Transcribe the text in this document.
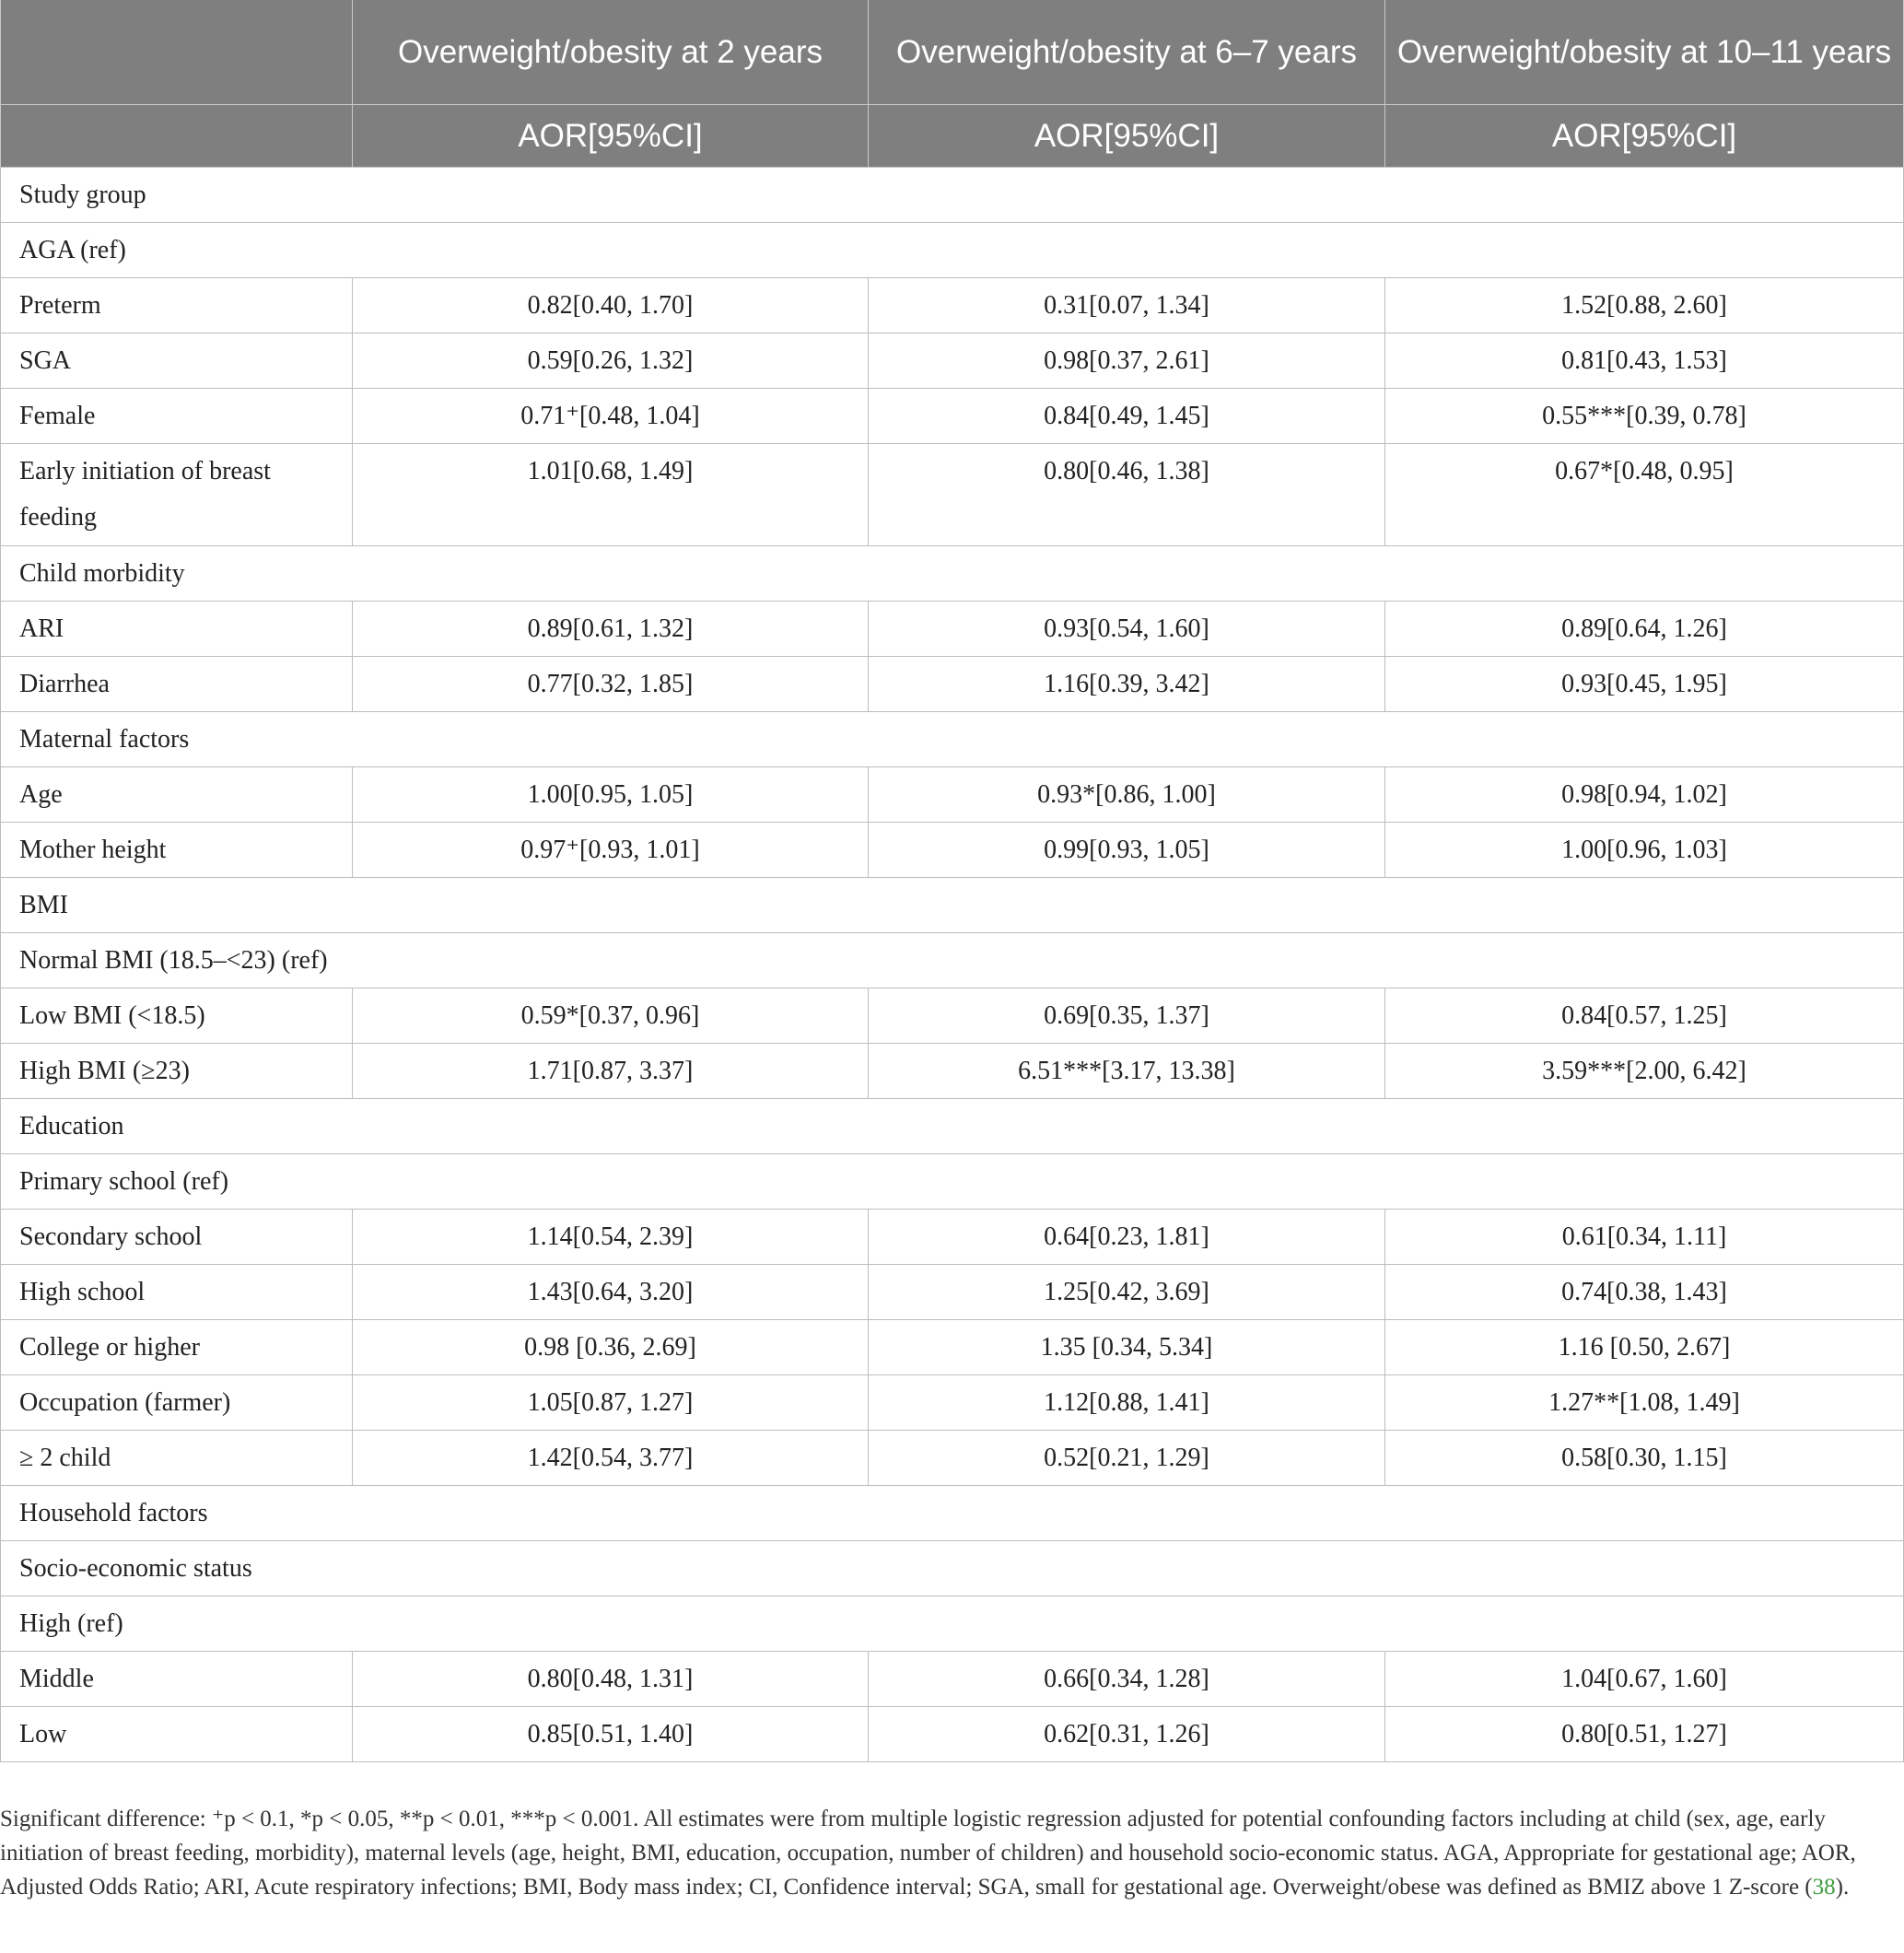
	Overweight/obesity at 2 years	Overweight/obesity at 6–7 years	Overweight/obesity at 10–11 years
	AOR[95%CI]	AOR[95%CI]	AOR[95%CI]
Study group			
AGA (ref)			
Preterm	0.82[0.40, 1.70]	0.31[0.07, 1.34]	1.52[0.88, 2.60]
SGA	0.59[0.26, 1.32]	0.98[0.37, 2.61]	0.81[0.43, 1.53]
Female	0.71⁺[0.48, 1.04]	0.84[0.49, 1.45]	0.55***[0.39, 0.78]
Early initiation of breast feeding	1.01[0.68, 1.49]	0.80[0.46, 1.38]	0.67*[0.48, 0.95]
Child morbidity			
ARI	0.89[0.61, 1.32]	0.93[0.54, 1.60]	0.89[0.64, 1.26]
Diarrhea	0.77[0.32, 1.85]	1.16[0.39, 3.42]	0.93[0.45, 1.95]
Maternal factors			
Age	1.00[0.95, 1.05]	0.93*[0.86, 1.00]	0.98[0.94, 1.02]
Mother height	0.97⁺[0.93, 1.01]	0.99[0.93, 1.05]	1.00[0.96, 1.03]
BMI			
Normal BMI (18.5–<23) (ref)			
Low BMI (<18.5)	0.59*[0.37, 0.96]	0.69[0.35, 1.37]	0.84[0.57, 1.25]
High BMI (≥23)	1.71[0.87, 3.37]	6.51***[3.17, 13.38]	3.59***[2.00, 6.42]
Education			
Primary school (ref)			
Secondary school	1.14[0.54, 2.39]	0.64[0.23, 1.81]	0.61[0.34, 1.11]
High school	1.43[0.64, 3.20]	1.25[0.42, 3.69]	0.74[0.38, 1.43]
College or higher	0.98 [0.36, 2.69]	1.35 [0.34, 5.34]	1.16 [0.50, 2.67]
Occupation (farmer)	1.05[0.87, 1.27]	1.12[0.88, 1.41]	1.27**[1.08, 1.49]
≥ 2 child	1.42[0.54, 3.77]	0.52[0.21, 1.29]	0.58[0.30, 1.15]
Household factors			
Socio-economic status			
High (ref)			
Middle	0.80[0.48, 1.31]	0.66[0.34, 1.28]	1.04[0.67, 1.60]
Low	0.85[0.51, 1.40]	0.62[0.31, 1.26]	0.80[0.51, 1.27]

Significant difference: ⁺p < 0.1, *p < 0.05, **p < 0.01, ***p < 0.001. All estimates were from multiple logistic regression adjusted for potential confounding factors including at child (sex, age, early initiation of breast feeding, morbidity), maternal levels (age, height, BMI, education, occupation, number of children) and household socio-economic status. AGA, Appropriate for gestational age; AOR, Adjusted Odds Ratio; ARI, Acute respiratory infections; BMI, Body mass index; CI, Confidence interval; SGA, small for gestational age. Overweight/obese was defined as BMIZ above 1 Z-score (38).
